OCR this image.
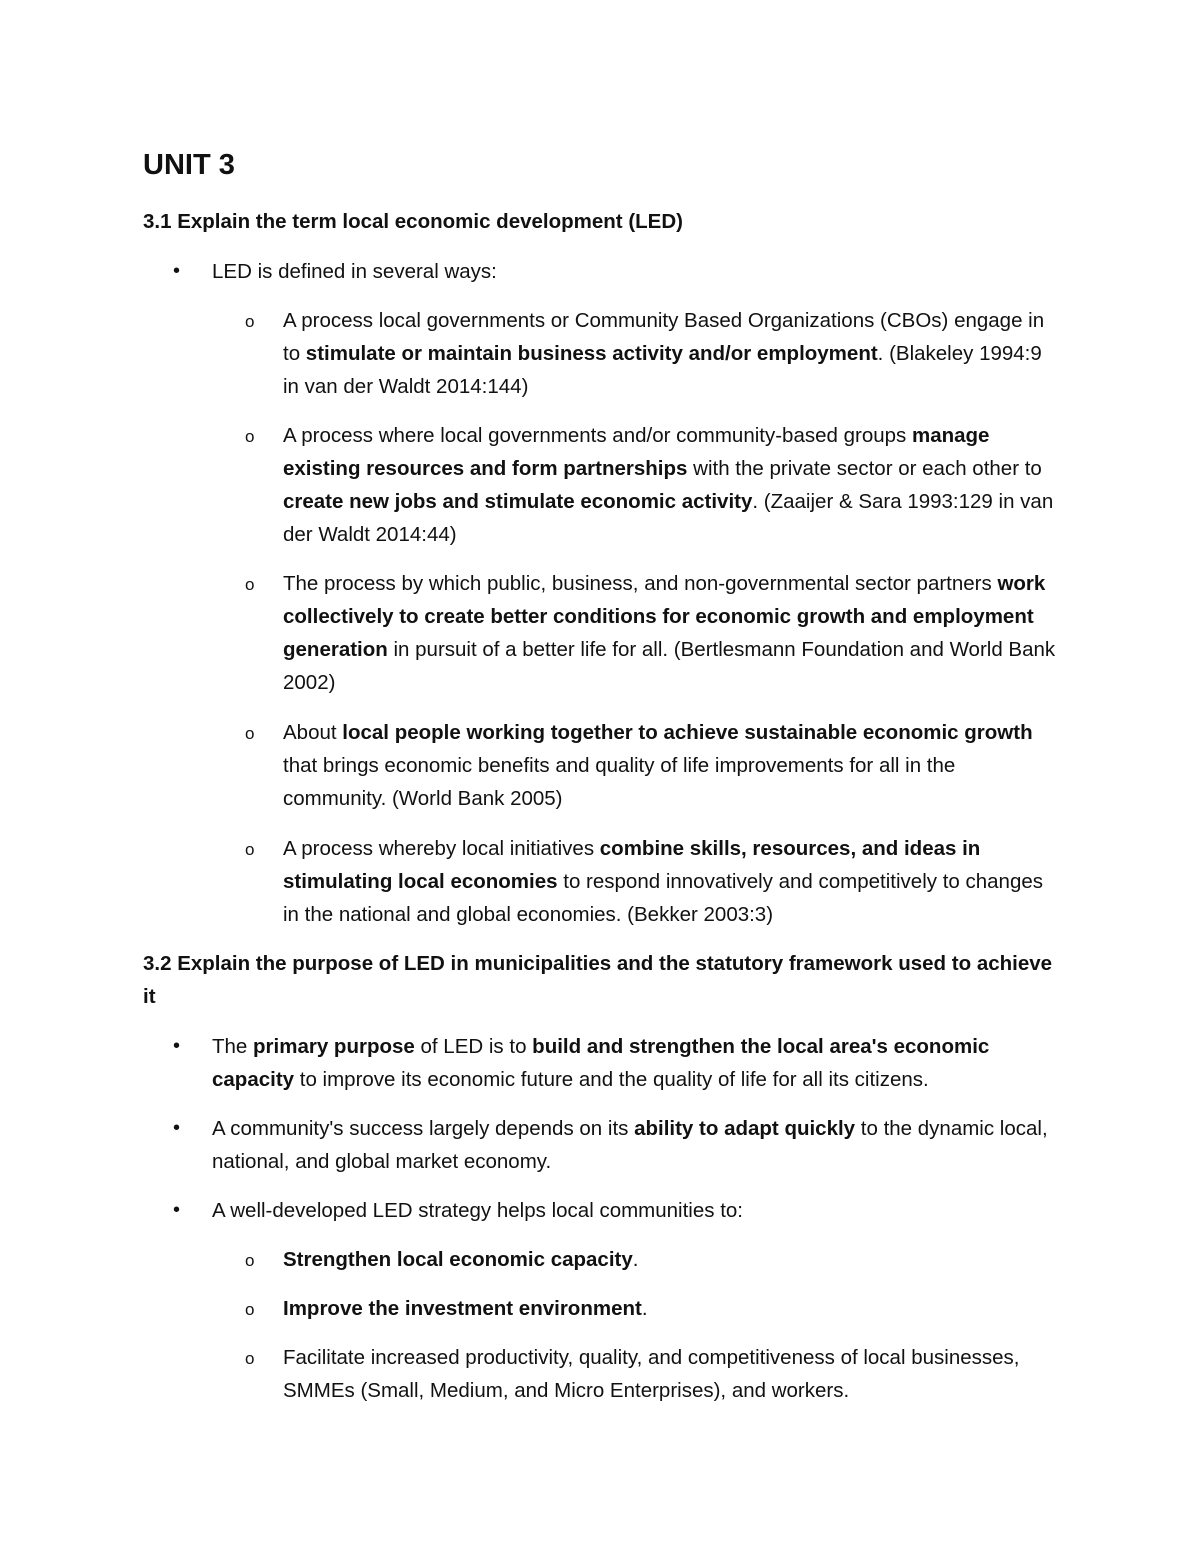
UNIT 3
3.1 Explain the term local economic development (LED)

• LED is defined in several ways:

o A process local governments or Community Based Organizations (CBOs) engage in to stimulate or maintain business activity and/or employment. (Blakeley 1994:9 in van der Waldt 2014:144)

o A process where local governments and/or community-based groups manage existing resources and form partnerships with the private sector or each other to create new jobs and stimulate economic activity. (Zaaijer & Sara 1993:129 in van der Waldt 2014:44)

o The process by which public, business, and non-governmental sector partners work collectively to create better conditions for economic growth and employment generation in pursuit of a better life for all. (Bertlesmann Foundation and World Bank 2002)

o About local people working together to achieve sustainable economic growth that brings economic benefits and quality of life improvements for all in the community. (World Bank 2005)

o A process whereby local initiatives combine skills, resources, and ideas in stimulating local economies to respond innovatively and competitively to changes in the national and global economies. (Bekker 2003:3)

3.2 Explain the purpose of LED in municipalities and the statutory framework used to achieve it

• The primary purpose of LED is to build and strengthen the local area's economic capacity to improve its economic future and the quality of life for all its citizens.

• A community's success largely depends on its ability to adapt quickly to the dynamic local, national, and global market economy.

• A well-developed LED strategy helps local communities to:

o Strengthen local economic capacity.

o Improve the investment environment.

o Facilitate increased productivity, quality, and competitiveness of local businesses, SMMEs (Small, Medium, and Micro Enterprises), and workers.
